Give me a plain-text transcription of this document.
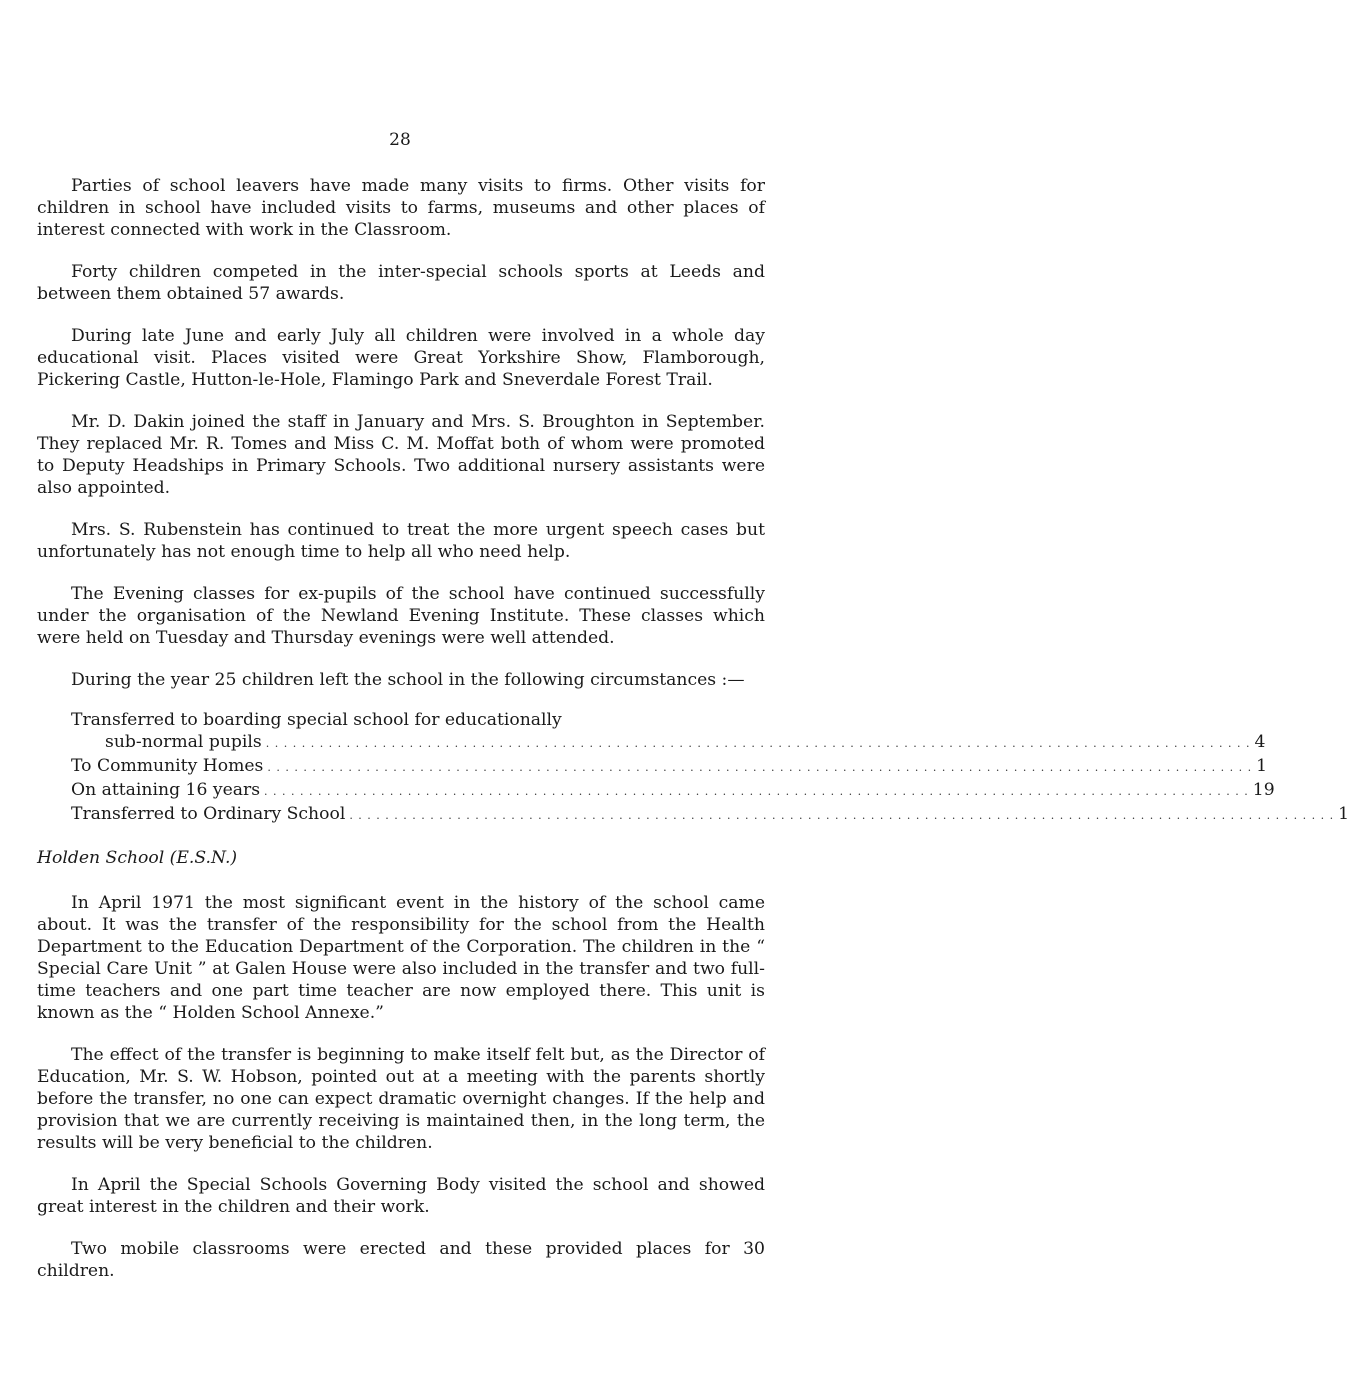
28

Parties of school leavers have made many visits to firms. Other visits for children in school have included visits to farms, museums and other places of interest connected with work in the Classroom.

Forty children competed in the inter-special schools sports at Leeds and between them obtained 57 awards.

During late June and early July all children were involved in a whole day educational visit. Places visited were Great Yorkshire Show, Flamborough, Pickering Castle, Hutton-le-Hole, Flamingo Park and Sneverdale Forest Trail.

Mr. D. Dakin joined the staff in January and Mrs. S. Broughton in September. They replaced Mr. R. Tomes and Miss C. M. Moffat both of whom were promoted to Deputy Headships in Primary Schools. Two additional nursery assistants were also appointed.

Mrs. S. Rubenstein has continued to treat the more urgent speech cases but unfortunately has not enough time to help all who need help.

The Evening classes for ex-pupils of the school have continued successfully under the organisation of the Newland Evening Institute. These classes which were held on Tuesday and Thursday evenings were well attended.

During the year 25 children left the school in the following circumstances :—

Transferred to boarding special school for educationally
sub-normal pupils . . . . . . . . . . . . . . . . . . . . . . . . . . . . . . . . . . . . . . . . . . . . . . . . . . . . . . . . . . . . . . . . . . . . . . . . . . . . . . . . . . . . . . . . . . . . . . . . . . . . . . . . . . . . . . 4
To Community Homes . . . . . . . . . . . . . . . . . . . . . . . . . . . . . . . . . . . . . . . . . . . . . . . . . . . . . . . . . . . . . . . . . . . . . . . . . . . . . . . . . . . . . . . . . . . . . . . . . . . . . . . . . . . . . . 1
On attaining 16 years . . . . . . . . . . . . . . . . . . . . . . . . . . . . . . . . . . . . . . . . . . . . . . . . . . . . . . . . . . . . . . . . . . . . . . . . . . . . . . . . . . . . . . . . . . . . . . . . . . . . . . . . . . . . . . 19
Transferred to Ordinary School . . . . . . . . . . . . . . . . . . . . . . . . . . . . . . . . . . . . . . . . . . . . . . . . . . . . . . . . . . . . . . . . . . . . . . . . . . . . . . . . . . . . . . . . . . . . . . . . . . . . . . . . . . . . . . 1
Holden School (E.S.N.)

In April 1971 the most significant event in the history of the school came about. It was the transfer of the responsibility for the school from the Health Department to the Education Department of the Corporation. The children in the “ Special Care Unit ” at Galen House were also included in the transfer and two full-time teachers and one part time teacher are now employed there. This unit is known as the “ Holden School Annexe.”

The effect of the transfer is beginning to make itself felt but, as the Director of Education, Mr. S. W. Hobson, pointed out at a meeting with the parents shortly before the transfer, no one can expect dramatic overnight changes. If the help and provision that we are currently receiving is maintained then, in the long term, the results will be very beneficial to the children.

In April the Special Schools Governing Body visited the school and showed great interest in the children and their work.

Two mobile classrooms were erected and these provided places for 30 children.
